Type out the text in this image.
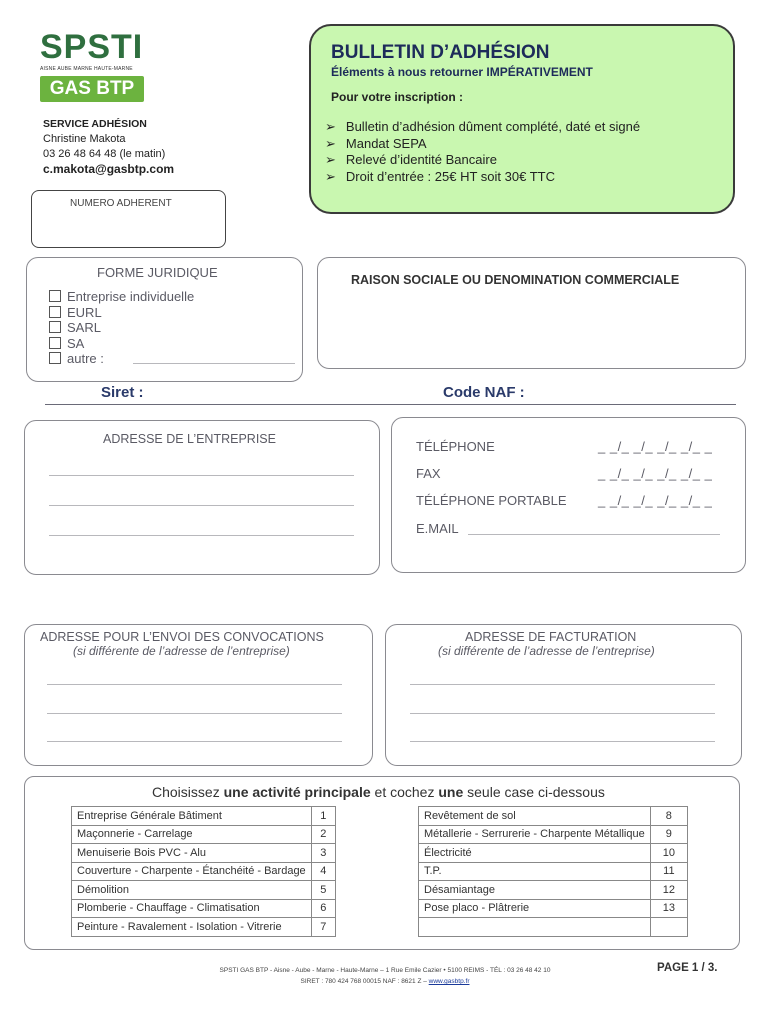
SPSTI
AISNE AUBE MARNE HAUTE-MARNE
GAS BTP
SERVICE ADHÉSION
Christine Makota
03 26 48 64 48 (le matin)
c.makota@gasbtp.com
BULLETIN D’ADHÉSION
Éléments à nous retourner IMPÉRATIVEMENT
Pour votre inscription :
➢ Bulletin d’adhésion dûment complété, daté et signé
➢ Mandat SEPA
➢ Relevé d’identité Bancaire
➢ Droit d’entrée : 25€ HT soit 30€ TTC
NUMERO ADHERENT
FORME JURIDIQUE
Entreprise individuelle
EURL
SARL
SA
autre :
RAISON SOCIALE OU DENOMINATION COMMERCIALE
Siret :	Code NAF :
ADRESSE DE L’ENTREPRISE	TÉLÉPHONE	_ _/_ _/_ _/_ _/_ _
FAX	_ _/_ _/_ _/_ _/_ _
TÉLÉPHONE PORTABLE _ _/_ _/_ _/_ _/_ _
E.MAIL
ADRESSE POUR L’ENVOI DES CONVOCATIONS
(si différente de l’adresse de l’entreprise)
ADRESSE DE FACTURATION
(si différente de l’adresse de l’entreprise)
Choisissez une activité principale et cochez une seule case ci-dessous
Entreprise Générale Bâtiment	1
Maçonnerie - Carrelage	2
Menuiserie Bois PVC - Alu	3
Couverture - Charpente - Étanchéité - Bardage	4
Démolition	5
Plomberie - Chauffage - Climatisation	6
Peinture - Ravalement - Isolation - Vitrerie	7
Revêtement de sol	8
Métallerie - Serrurerie - Charpente Métallique	9
Électricité	10
T.P.	11
Désamiantage	12
Pose placo - Plâtrerie	13

SPSTI GAS BTP - Aisne - Aube - Marne - Haute-Marne – 1 Rue Emile Cazier • 5100 REIMS - TÉL : 03 26 48 42 10
SIRET : 780 424 768 00015 NAF : 8621 Z – www.gasbtp.fr
PAGE 1 / 3.
